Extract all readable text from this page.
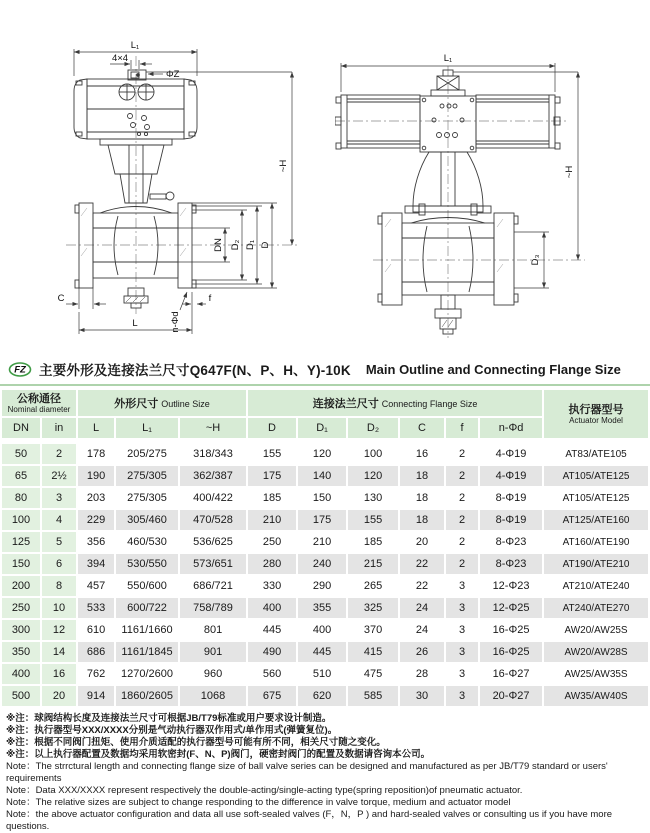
L₁
4×4
ΦZ
~H
DN D₂ D₁ D
C
n-Φd
f
L
L₁
~H
D₃
FZ 主要外形及连接法兰尺寸Q647F(N、P、H、Y)-10K Main Outline and Connecting Flange Size
公称通径
Nominal diameter		外形尺寸 Outline Size			连接法兰尺寸 Connecting Flange Size						执行器型号
Actuator Model

DN	in	L	L₁	~H	D	D₁	D₂	C	f	n-Φd	

50	2	178	205/275	318/343	155	120	100	16	2	4-Φ19	AT83/ATE105
65	2½	190	275/305	362/387	175	140	120	18	2	4-Φ19	AT105/ATE125
80	3	203	275/305	400/422	185	150	130	18	2	8-Φ19	AT105/ATE125
100	4	229	305/460	470/528	210	175	155	18	2	8-Φ19	AT125/ATE160
125	5	356	460/530	536/625	250	210	185	20	2	8-Φ23	AT160/ATE190
150	6	394	530/550	573/651	280	240	215	22	2	8-Φ23	AT190/ATE210
200	8	457	550/600	686/721	330	290	265	22	3	12-Φ23	AT210/ATE240
250	10	533	600/722	758/789	400	355	325	24	3	12-Φ25	AT240/ATE270
300	12	610	1161/1660	801	445	400	370	24	3	16-Φ25	AW20/AW25S
350	14	686	1161/1845	901	490	445	415	26	3	16-Φ25	AW20/AW28S
400	16	762	1270/2600	960	560	510	475	28	3	16-Φ27	AW25/AW35S
500	20	914	1860/2605	1068	675	620	585	30	3	20-Φ27	AW35/AW40S
※注：球阀结构长度及连接法兰尺寸可根据JB/T79标准或用户要求设计制造。
※注：执行器型号XXX/XXXX分别是气动执行器双作用式/单作用式(弹簧复位)。
※注：根据不同阀门扭矩、使用介质适配的执行器型号可能有所不同，相关尺寸随之变化。
※注：以上执行器配置及数据均采用软密封(F、N、P)阀门，硬密封阀门的配置及数据请咨询本公司。
Note：The strrctural length and connecting flange size of ball valve series can be designed and manufactured as per JB/T79 standard or users' requirements
Note：Data XXX/XXXX represent respectively the double-acting/single-acting type(spring reposition)of pneumatic actuator.
Note：The relative sizes are subject to change responding to the difference in valve torque, medium and actuator model
Note：the above actuator configuration and data all use soft-sealed valves (F，N，P ) and hard-sealed valves or consulting us if you have more questions.
